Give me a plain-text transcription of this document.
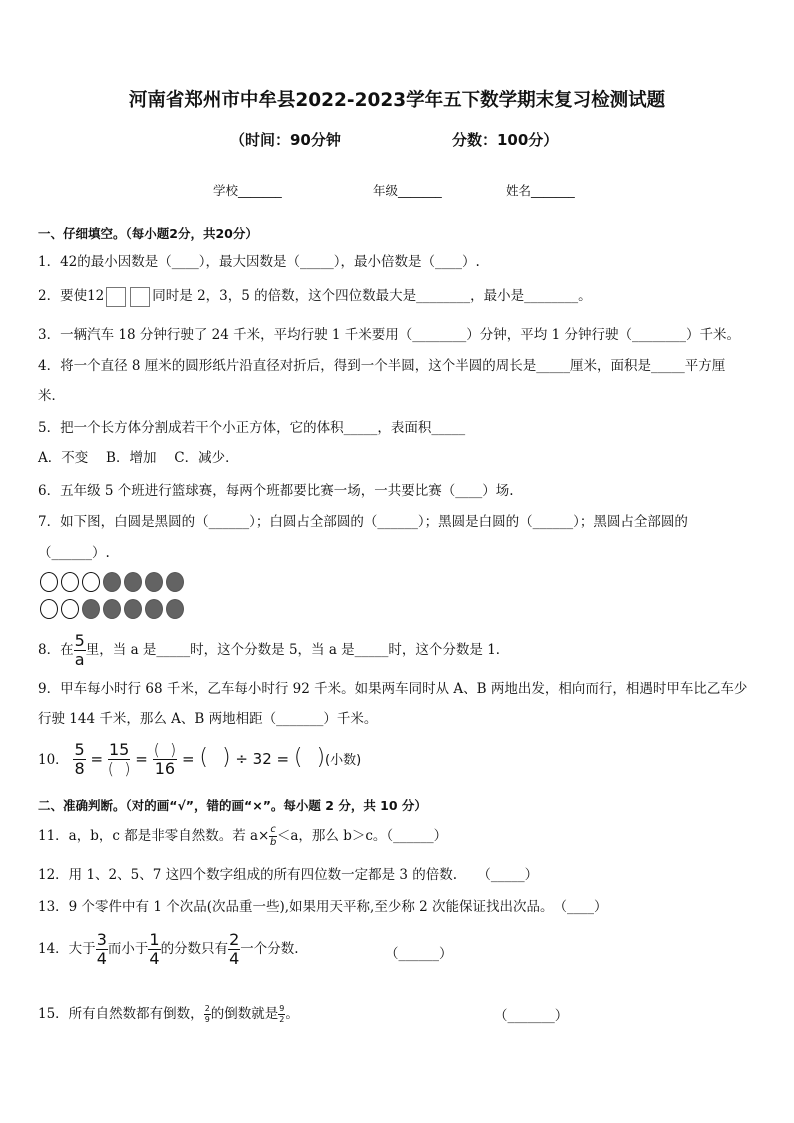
河南省郑州市中牟县2022-2023学年五下数学期末复习检测试题
（时间：90分钟	分数：100分）
学校_______	年级_______	姓名_______
一、仔细填空。（每小题2分，共20分）
1．42的最小因数是（____），最大因数是（_____），最小倍数是（____）.
2．要使12	同时是 2，3，5 的倍数，这个四位数最大是________，最小是________。
3．一辆汽车 18 分钟行驶了 24 千米，平均行驶 1 千米要用（________）分钟，平均 1 分钟行驶（________）千米。
4．将一个直径 8 厘米的圆形纸片沿直径对折后，得到一个半圆，这个半圆的周长是_____厘米，面积是_____平方厘
米．
5．把一个长方体分割成若干个小正方体，它的体积_____，表面积_____
A．不变　 B．增加　 C．减少．
6．五年级 5 个班进行篮球赛，每两个班都要比赛一场，一共要比赛（____）场.
7．如下图，白圆是黑圆的（______）；白圆占全部圆的（______）；黑圆是白圆的（______）；黑圆占全部圆的
（______）.
8．在 $\frac{5}{a}$ 里，当 a 是_____时，这个分数是 5，当 a 是_____时，这个分数是 1．
9．甲车每小时行 68 千米，乙车每小时行 92 千米。如果两车同时从 A、B 两地出发，相向而行，相遇时甲车比乙车少
行驶 144 千米，那么 A、B 两地相距（_______）千米。
10． $\frac{5}{8} = \frac{15}{( )} = \frac{( )}{16}$ = (  ) ÷ 32 = (  )(小数)
二、准确判断。（对的画“√”，错的画“×”。每小题 2 分，共 10 分）
11．a，b，c 都是非零自然数。若 $a\times \frac{c}{b} <a$，那么 b＞c。（______）
12．用 1、2、5、7 这四个数字组成的所有四位数一定都是 3 的倍数.　　（_____）
13．9 个零件中有 1 个次品(次品重一些),如果用天平称,至少称 2 次能保证找出次品。　（____）
14．大于 $\frac{3}{4}$ 而小于 $\frac{1}{4}$ 的分数只有 $\frac{2}{4}$ 一个分数.	（______）
15．所有自然数都有倒数， $\frac{2}{9}$ 的倒数就是 $\frac{9}{2}$ 。	（_______）
